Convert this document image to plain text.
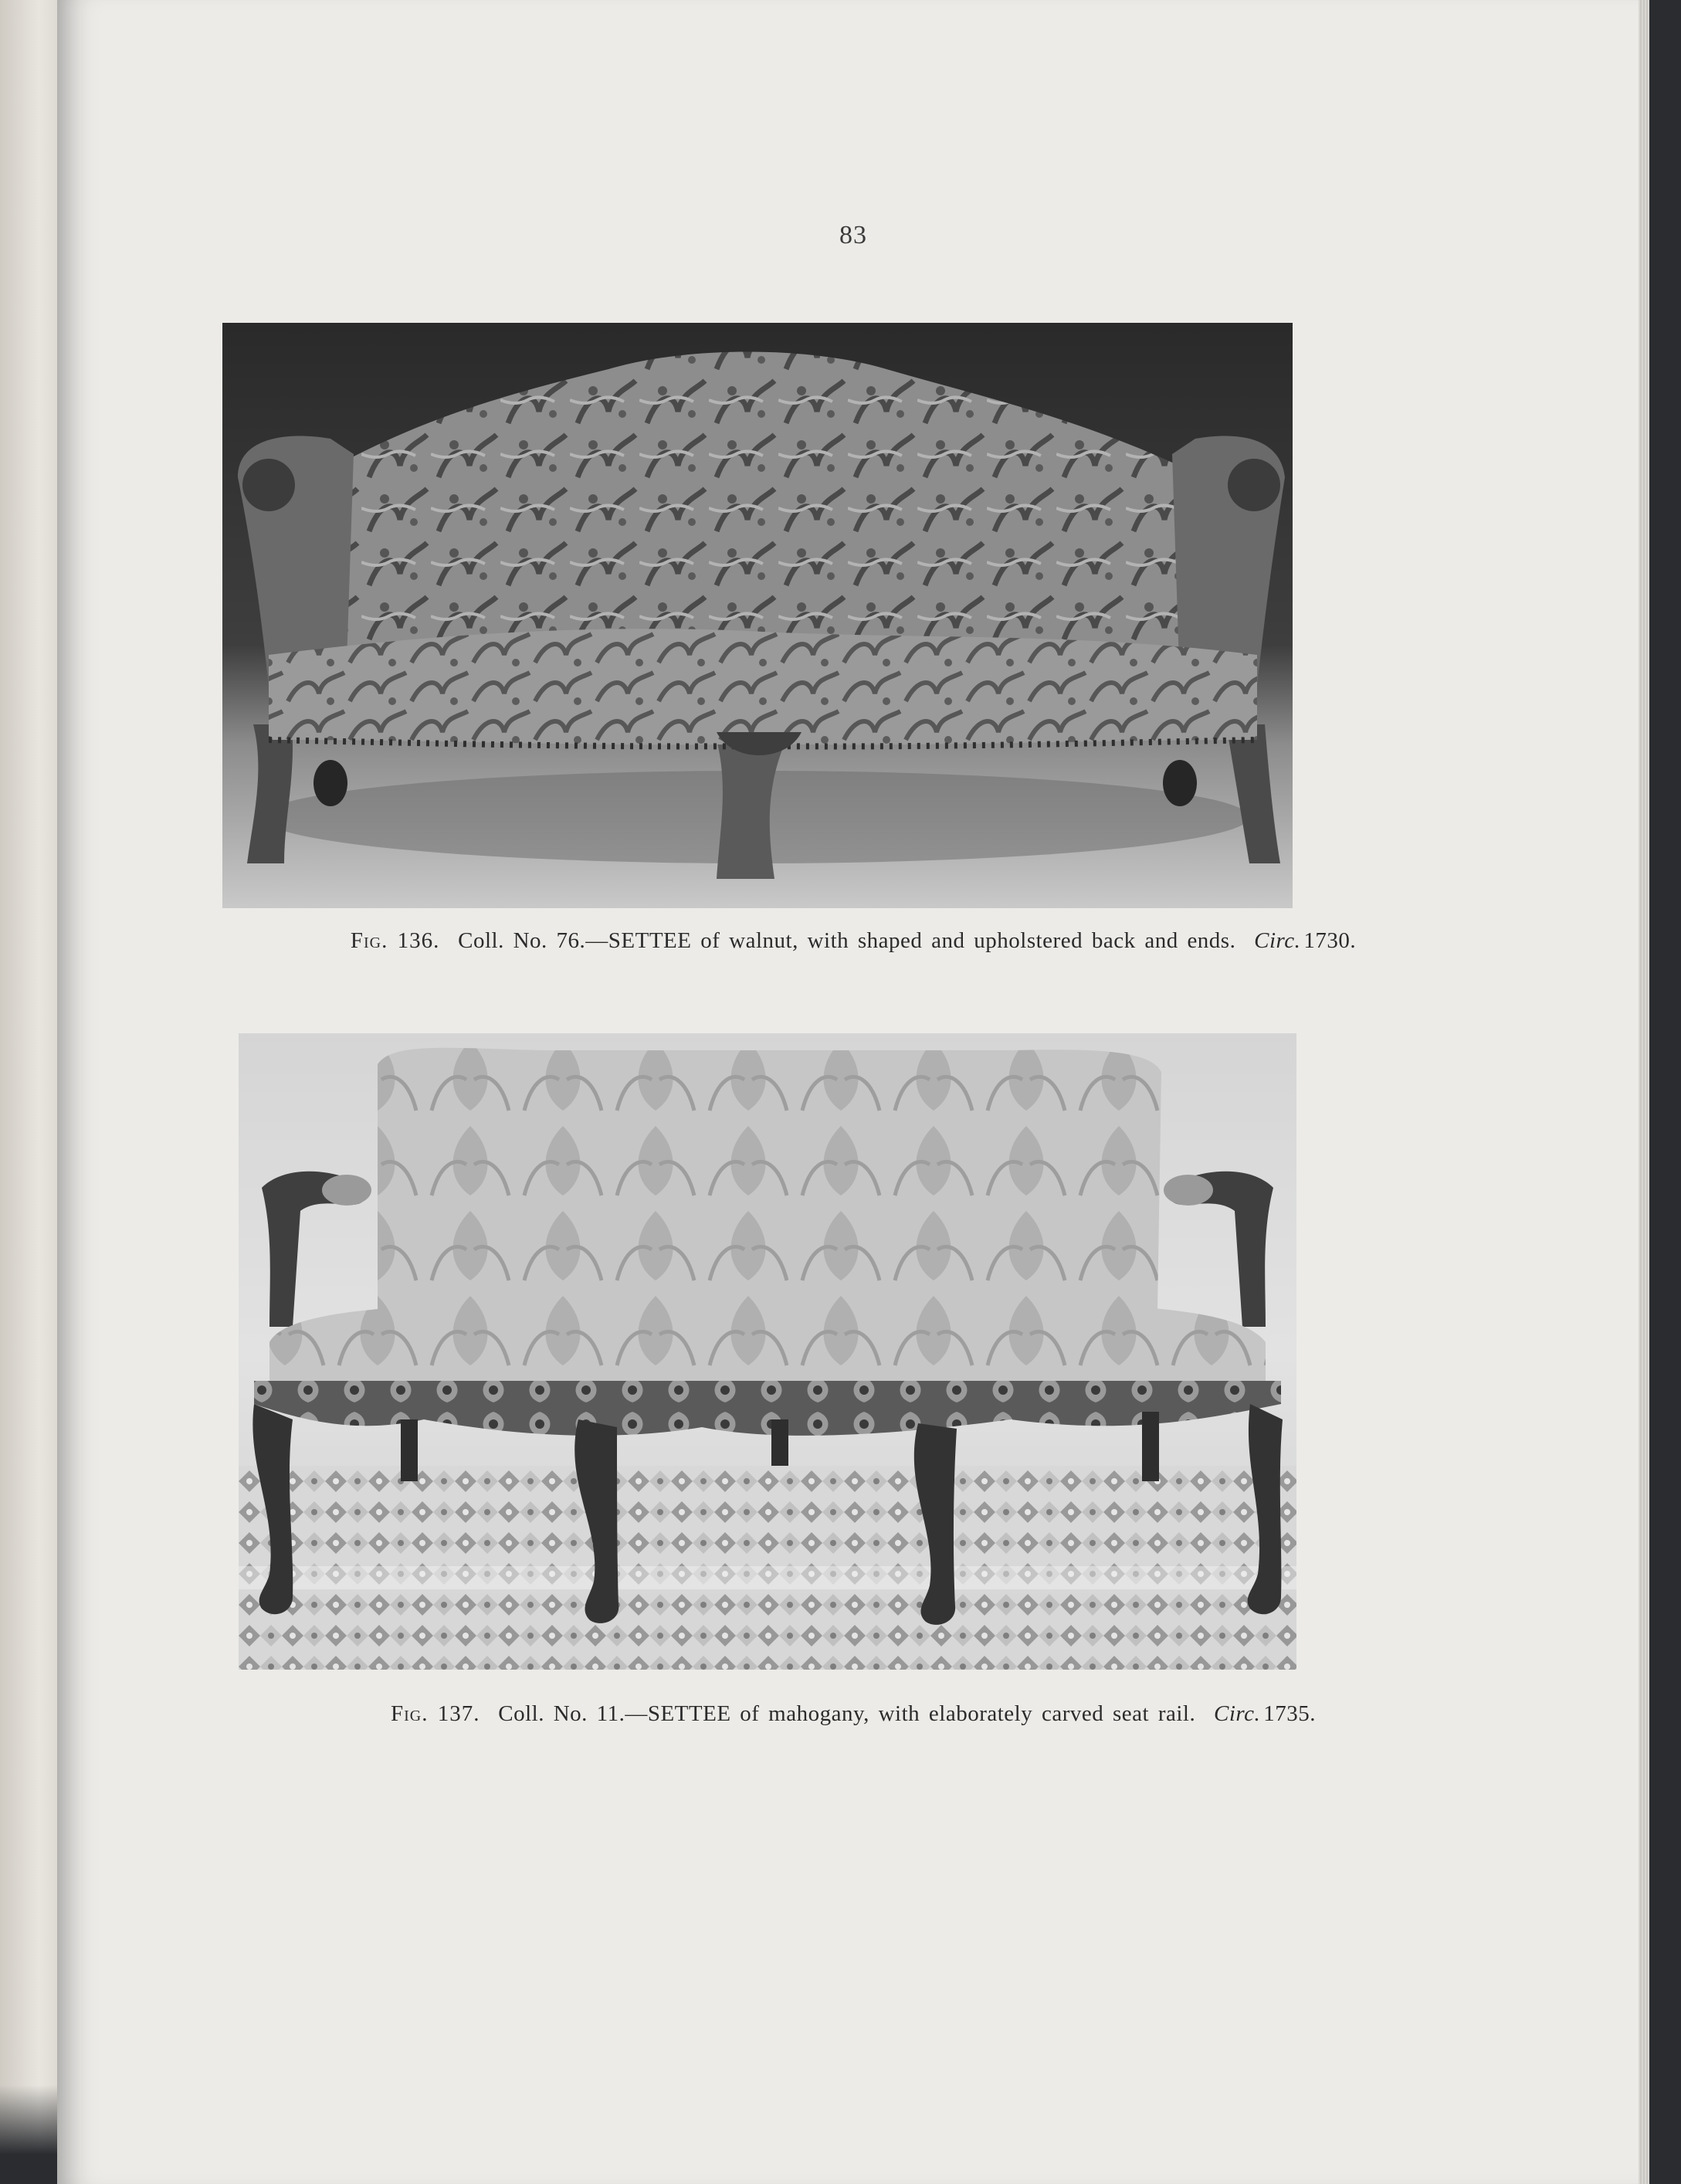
83
Fig. 136. Coll. No. 76.—SETTEE of walnut, with shaped and upholstered back and ends. Circ. 1730.
Fig. 137. Coll. No. 11.—SETTEE of mahogany, with elaborately carved seat rail. Circ. 1735.
